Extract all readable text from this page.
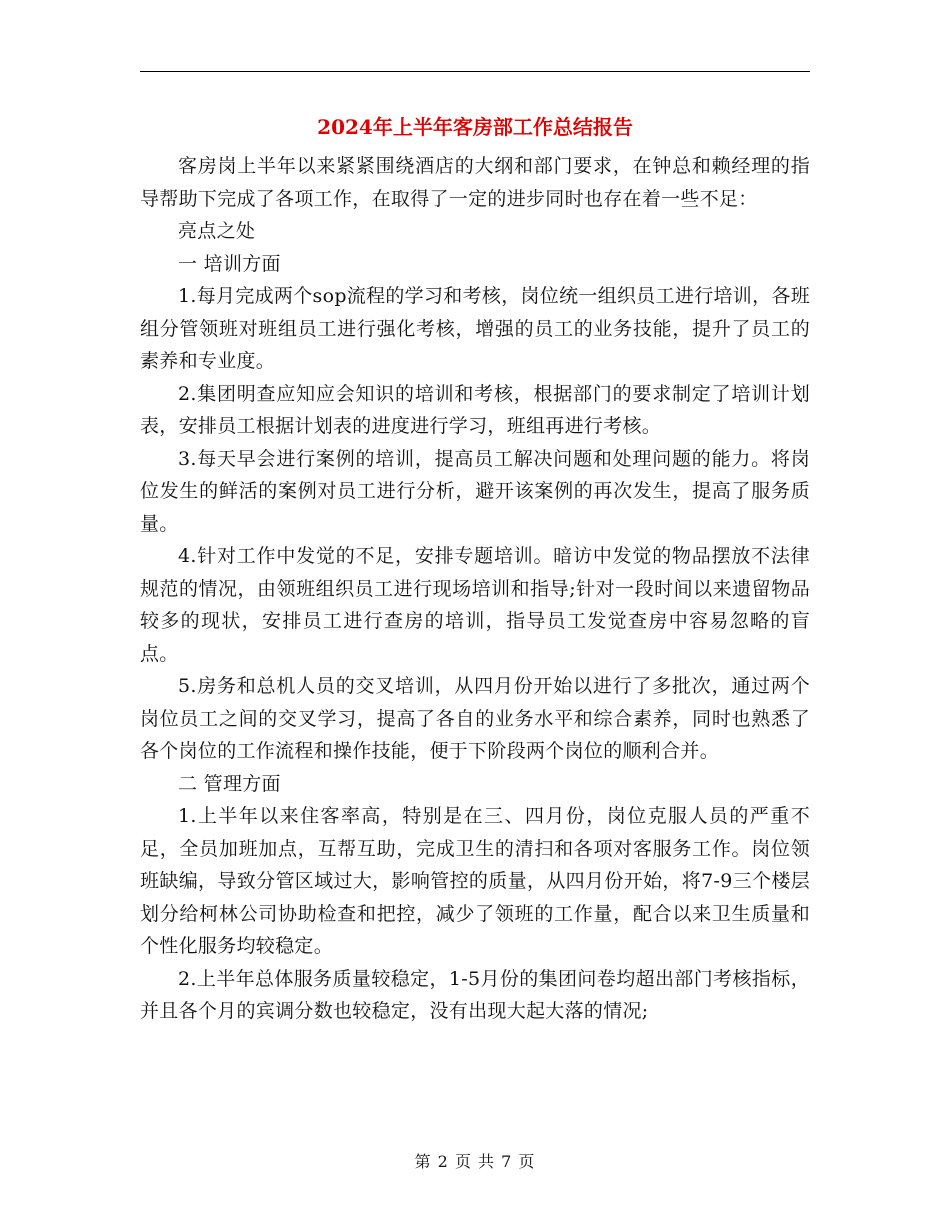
2024年上半年客房部工作总结报告

客房岗上半年以来紧紧围绕酒店的大纲和部门要求，在钟总和赖经理的指导帮助下完成了各项工作，在取得了一定的进步同时也存在着一些不足：

亮点之处

一 培训方面

1.每月完成两个sop流程的学习和考核，岗位统一组织员工进行培训，各班组分管领班对班组员工进行强化考核，增强的员工的业务技能，提升了员工的素养和专业度。

2.集团明查应知应会知识的培训和考核，根据部门的要求制定了培训计划表，安排员工根据计划表的进度进行学习，班组再进行考核。

3.每天早会进行案例的培训，提高员工解决问题和处理问题的能力。将岗位发生的鲜活的案例对员工进行分析，避开该案例的再次发生，提高了服务质量。

4.针对工作中发觉的不足，安排专题培训。暗访中发觉的物品摆放不法律规范的情况，由领班组织员工进行现场培训和指导;针对一段时间以来遗留物品较多的现状，安排员工进行查房的培训，指导员工发觉查房中容易忽略的盲点。

5.房务和总机人员的交叉培训，从四月份开始以进行了多批次，通过两个岗位员工之间的交叉学习，提高了各自的业务水平和综合素养，同时也熟悉了各个岗位的工作流程和操作技能，便于下阶段两个岗位的顺利合并。

二 管理方面

1.上半年以来住客率高，特别是在三、四月份，岗位克服人员的严重不足，全员加班加点，互帮互助，完成卫生的清扫和各项对客服务工作。岗位领班缺编，导致分管区域过大，影响管控的质量，从四月份开始，将7-9三个楼层划分给柯林公司协助检查和把控，减少了领班的工作量，配合以来卫生质量和个性化服务均较稳定。

2.上半年总体服务质量较稳定，1-5月份的集团问卷均超出部门考核指标，并且各个月的宾调分数也较稳定，没有出现大起大落的情况;

第 2 页 共 7 页
